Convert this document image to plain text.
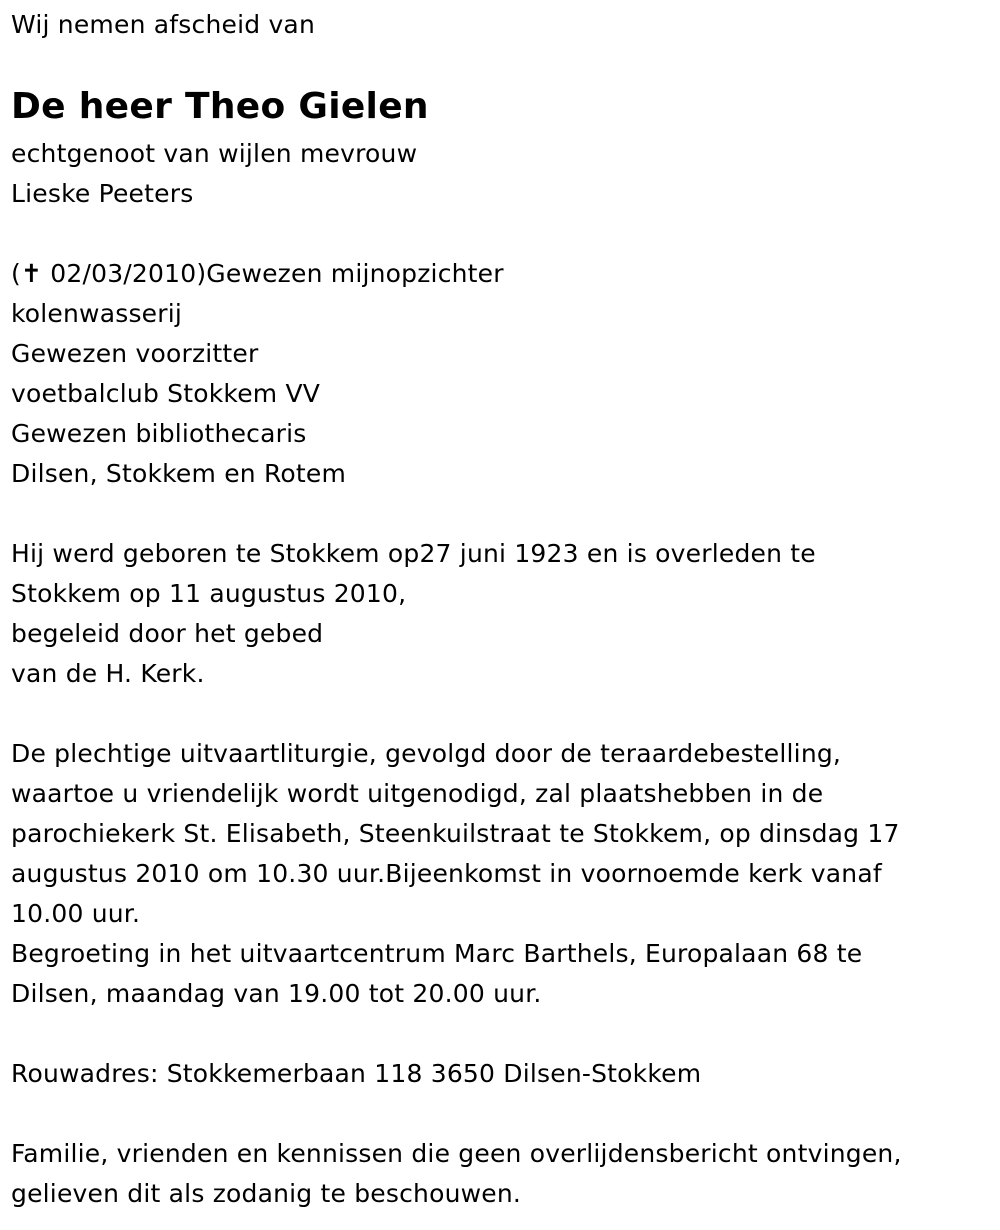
Wij nemen afscheid van
De heer Theo Gielen
echtgenoot van wijlen mevrouw
Lieske Peeters
(✝ 02/03/2010)Gewezen mijnopzichter
kolenwasserij
Gewezen voorzitter
voetbalclub Stokkem VV
Gewezen bibliothecaris
Dilsen, Stokkem en Rotem
Hij werd geboren te Stokkem op27 juni 1923 en is overleden te
Stokkem op 11 augustus 2010,
begeleid door het gebed
van de H. Kerk.
De plechtige uitvaartliturgie, gevolgd door de teraardebestelling,
waartoe u vriendelijk wordt uitgenodigd, zal plaatshebben in de
parochiekerk St. Elisabeth, Steenkuilstraat te Stokkem, op dinsdag 17
augustus 2010 om 10.30 uur.Bijeenkomst in voornoemde kerk vanaf
10.00 uur.
Begroeting in het uitvaartcentrum Marc Barthels, Europalaan 68 te
Dilsen, maandag van 19.00 tot 20.00 uur.
Rouwadres: Stokkemerbaan 118 3650 Dilsen-Stokkem
Familie, vrienden en kennissen die geen overlijdensbericht ontvingen,
gelieven dit als zodanig te beschouwen.
